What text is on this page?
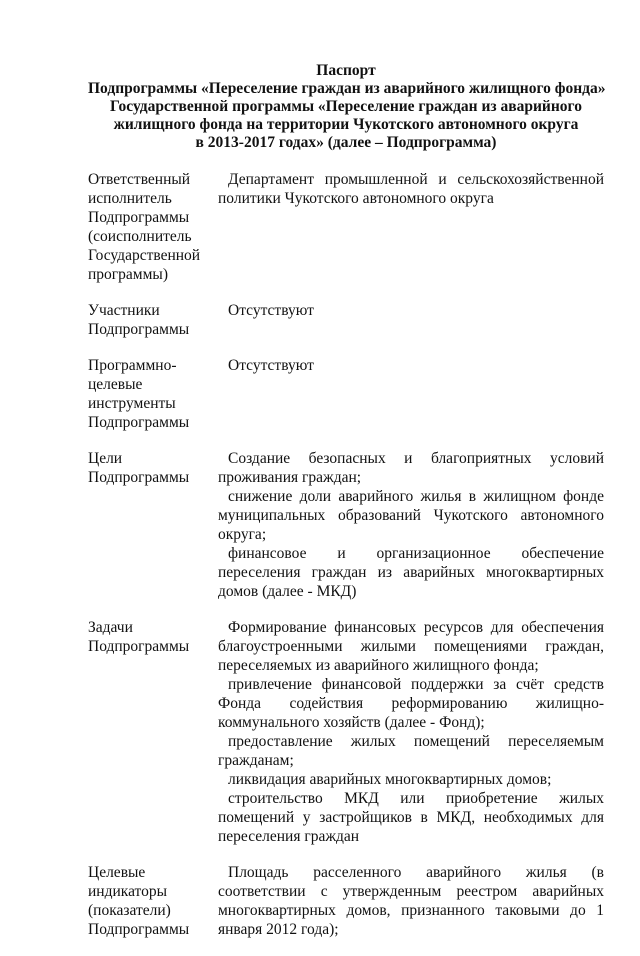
Паспорт
Подпрограммы «Переселение граждан из аварийного жилищного фонда»
Государственной программы «Переселение граждан из аварийного
жилищного фонда на территории Чукотского автономного округа
в 2013-2017 годах» (далее – Подпрограмма)
Ответственный
исполнитель
Подпрограммы
(соисполнитель
Государственной
программы)
Департамент промышленной и сельскохозяйственной политики Чукотского автономного округа
Участники
Подпрограммы
Отсутствуют
Программно-
целевые
инструменты
Подпрограммы
Отсутствуют
Цели
Подпрограммы
Создание безопасных и благоприятных условий проживания граждан;
снижение доли аварийного жилья в жилищном фонде муниципальных образований Чукотского автономного округа;
финансовое и организационное обеспечение переселения граждан из аварийных многоквартирных домов (далее - МКД)
Задачи
Подпрограммы
Формирование финансовых ресурсов для обеспечения благоустроенными жилыми помещениями граждан, переселяемых из аварийного жилищного фонда;
привлечение финансовой поддержки за счёт средств Фонда содействия реформированию жилищно-коммунального хозяйств (далее - Фонд);
предоставление жилых помещений переселяемым гражданам;
ликвидация аварийных многоквартирных домов;
строительство МКД или приобретение жилых помещений у застройщиков в МКД, необходимых для переселения граждан
Целевые
индикаторы
(показатели)
Подпрограммы
Площадь расселенного аварийного жилья (в соответствии с утвержденным реестром аварийных многоквартирных домов, признанного таковыми до 1 января 2012 года);
